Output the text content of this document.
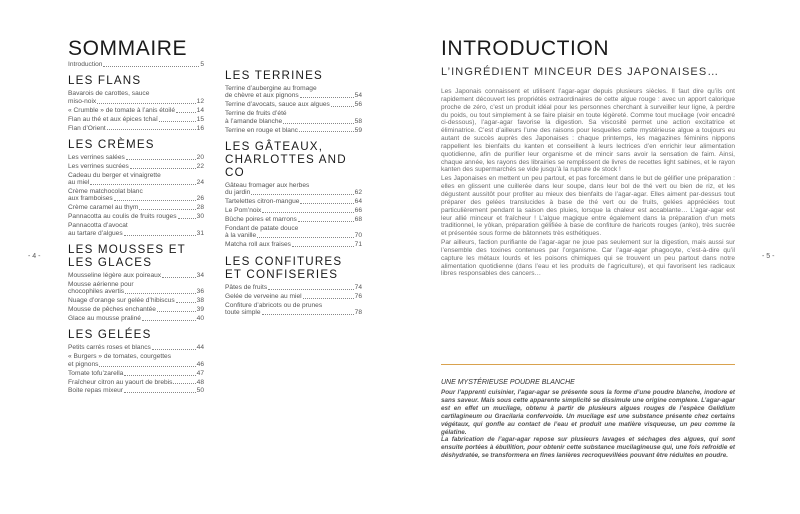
SOMMAIRE
- 4 -
Introduction	5
LES FLANS
Bavarois de carottes, sauce
miso-noix	12
« Crumble » de tomate à l’anis étoilé	14
Flan au thé et aux épices tchaï	15
Flan d’Orient	16
LES CRÈMES
Les verrines salées	20
Les verrines sucrées	22
Cadeau du berger et vinaigrette
au miel	24
Crème matchocolat blanc
aux framboises	26
Crème caramel au thym	28
Pannacotta au coulis de fruits rouges	30
Pannacotta d’avocat
au tartare d’algues	31
LES MOUSSES ET LES GLACES
Mousseline légère aux poireaux	34
Mousse aérienne pour
chocophiles avertis	36
Nuage d’orange sur gelée d’hibiscus	38
Mousse de pêches enchantée	39
Glace au mousse praliné	40
LES GELÉES
Petits carrés roses et blancs	44
« Burgers » de tomates, courgettes
et pignons	46
Tomate tofu’zarella	47
Fraîcheur citron au yaourt de brebis	48
Boite repas mixeur	50
LES TERRINES
Terrine d’aubergine au fromage
de chèvre et aux pignons	54
Terrine d’avocats, sauce aux algues	56
Terrine de fruits d’été
à l’amande blanche	58
Terrine en rouge et blanc	59
LES GÂTEAUX, CHARLOTTES AND CO
Gâteau fromager aux herbes
du jardin	62
Tartelettes citron-mangue	64
Le Pom’noix	66
Bûche poires et marrons	68
Fondant de patate douce
à la vanille	70
Matcha roll aux fraises	71
LES CONFITURES ET CONFISERIES
Pâtes de fruits	74
Gelée de verveine au miel	76
Confiture d’abricots ou de prunes
toute simple	78
- 5 -
INTRODUCTION
L’INGRÉDIENT MINCEUR DES JAPONAISES…

Les Japonais connaissent et utilisent l’agar-agar depuis plusieurs siècles. Il faut dire qu’ils ont rapidement découvert les propriétés extraordinaires de cette algue rouge : avec un apport calorique proche de zéro, c’est un produit idéal pour les personnes cherchant à surveiller leur ligne, à perdre du poids, ou tout simplement à se faire plaisir en toute légèreté. Comme tout mucilage (voir encadré ci-dessous), l’agar-agar favorise la digestion. Sa viscosité permet une action excitatrice et éliminatrice. C’est d’ailleurs l’une des raisons pour lesquelles cette mystérieuse algue a toujours eu autant de succès auprès des Japonaises : chaque printemps, les magazines féminins nippons rappellent les bienfaits du kanten et conseillent à leurs lectrices d’en enrichir leur alimentation quotidienne, afin de purifier leur organisme et de mincir sans avoir la sensation de faim. Ainsi, chaque année, les rayons des librairies se remplissent de livres de recettes light sabines, et le rayon kanten des supermarchés se vide jusqu’à la rupture de stock !

Les Japonaises en mettent un peu partout, et pas forcément dans le but de gélifier une préparation : elles en glissent une cuillerée dans leur soupe, dans leur bol de thé vert ou bien de riz, et les dégustent aussitôt pour profiter au mieux des bienfaits de l’agar-agar. Elles aiment par-dessus tout préparer des gelées translucides à base de thé vert ou de fruits, gelées appréciées tout particulièrement pendant la saison des pluies, lorsque la chaleur est accablante… L’agar-agar est leur allié minceur et fraîcheur ! L’algue magique entre également dans la préparation d’un mets traditionnel, le yôkan, préparation gélifiée à base de confiture de haricots rouges (anko), très sucrée et présentée sous forme de bâtonnets très esthétiques.

Par ailleurs, faction purifiante de l’agar-agar ne joue pas seulement sur la digestion, mais aussi sur l’ensemble des toxines contenues par l’organisme. Car l’agar-agar phagocyte, c’est-à-dire qu’il capture les métaux lourds et les poisons chimiques qui se trouvent un peu partout dans notre alimentation quotidienne (dans l’eau et les produits de l’agriculture), et qui favorisent les radicaux libres responsables des cancers…

UNE MYSTÉRIEUSE POUDRE BLANCHE

Pour l’apprenti cuisinier, l’agar-agar se présente sous la forme d’une poudre blanche, inodore et sans saveur. Mais sous cette apparente simplicité se dissimule une origine complexe. L’agar-agar est en effet un mucilage, obtenu à partir de plusieurs algues rouges de l’espèce Gelidium cartilagineum ou Gracilaria confervoide. Un mucilage est une substance présente chez certains végétaux, qui gonfle au contact de l’eau et produit une matière visqueuse, un peu comme la gélatine.

La fabrication de l’agar-agar repose sur plusieurs lavages et séchages des algues, qui sont ensuite portées à ébullition, pour obtenir cette substance mucilagineuse qui, une fois refroidie et déshydratée, se transformera en fines lanières recroquevillées pouvant être réduites en poudre.
